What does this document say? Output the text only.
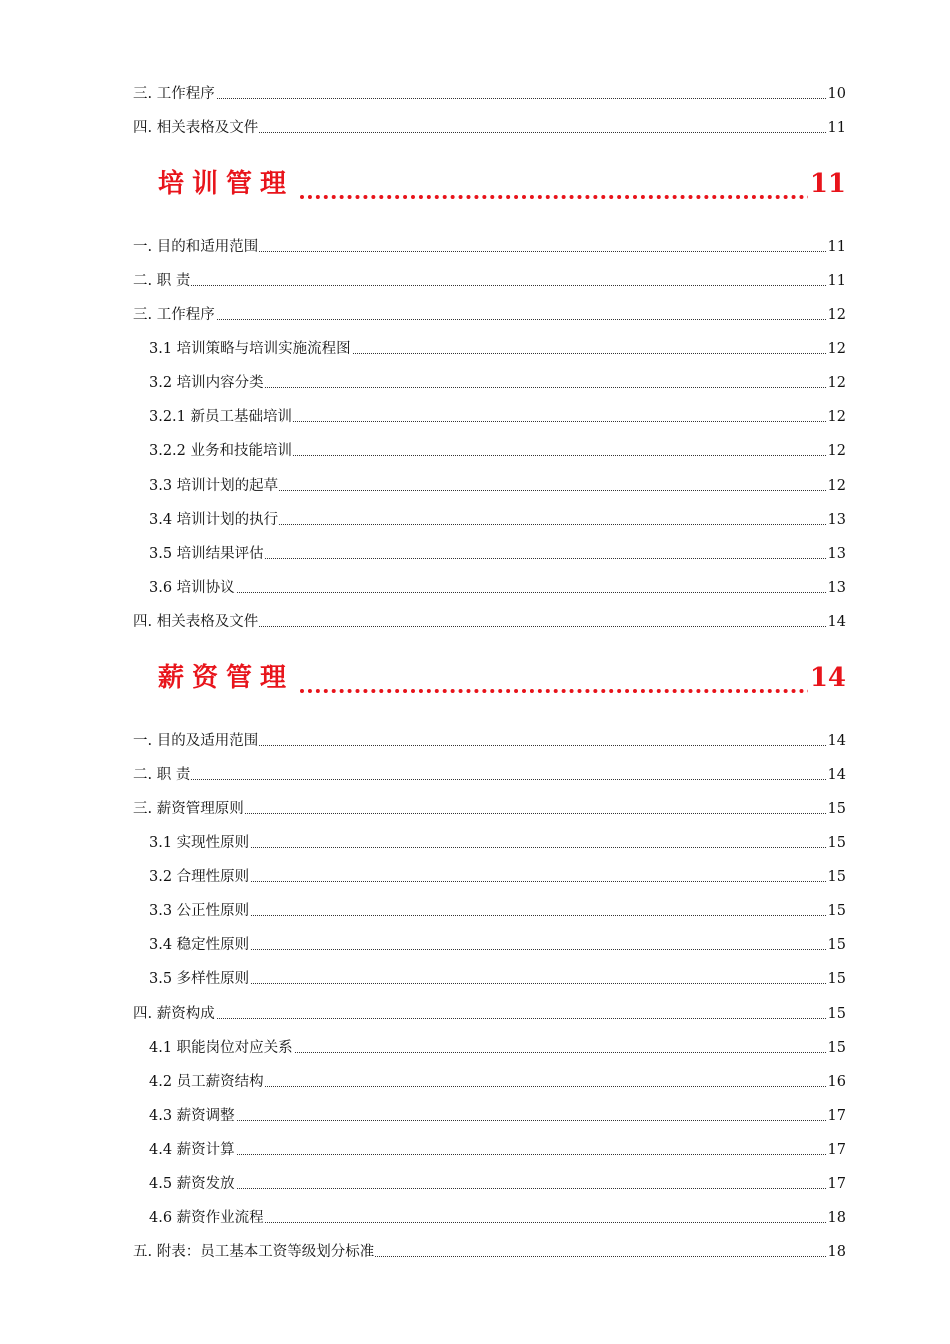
三. 工作程序	10
四. 相关表格及文件	11
培训管理	11
一. 目的和适用范围	11
二. 职 责	11
三. 工作程序	12
3.1 培训策略与培训实施流程图	12
3.2 培训内容分类	12
3.2.1 新员工基础培训	12
3.2.2 业务和技能培训	12
3.3 培训计划的起草	12
3.4 培训计划的执行	13
3.5 培训结果评估	13
3.6 培训协议	13
四. 相关表格及文件	14
薪资管理	14
一. 目的及适用范围	14
二. 职 责	14
三. 薪资管理原则	15
3.1 实现性原则	15
3.2 合理性原则	15
3.3 公正性原则	15
3.4 稳定性原则	15
3.5 多样性原则	15
四. 薪资构成	15
4.1 职能岗位对应关系	15
4.2 员工薪资结构	16
4.3 薪资调整	17
4.4 薪资计算	17
4.5 薪资发放	17
4.6 薪资作业流程	18
五. 附表：员工基本工资等级划分标准	18
